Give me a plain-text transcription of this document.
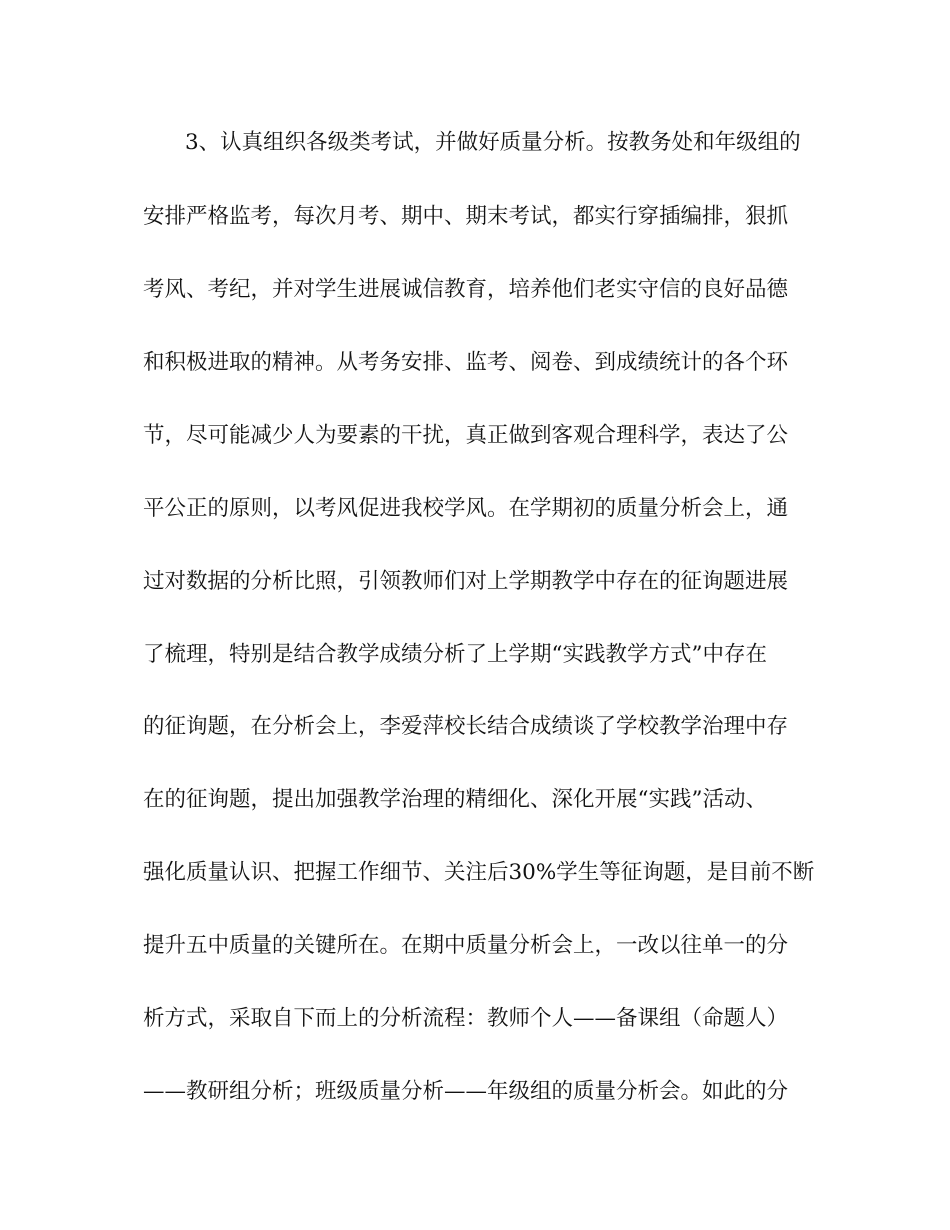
3、认真组织各级类考试，并做好质量分析。按教务处和年级组的
安排严格监考，每次月考、期中、期末考试，都实行穿插编排，狠抓
考风、考纪，并对学生进展诚信教育，培养他们老实守信的良好品德
和积极进取的精神。从考务安排、监考、阅卷、到成绩统计的各个环
节，尽可能减少人为要素的干扰，真正做到客观合理科学，表达了公
平公正的原则，以考风促进我校学风。在学期初的质量分析会上，通
过对数据的分析比照，引领教师们对上学期教学中存在的征询题进展
了梳理，特别是结合教学成绩分析了上学期“实践教学方式”中存在
的征询题，在分析会上，李爱萍校长结合成绩谈了学校教学治理中存
在的征询题，提出加强教学治理的精细化、深化开展“实践”活动、
强化质量认识、把握工作细节、关注后30%学生等征询题，是目前不断
提升五中质量的关键所在。在期中质量分析会上，一改以往单一的分
析方式，采取自下而上的分析流程：教师个人——备课组（命题人）
——教研组分析；班级质量分析——年级组的质量分析会。如此的分
